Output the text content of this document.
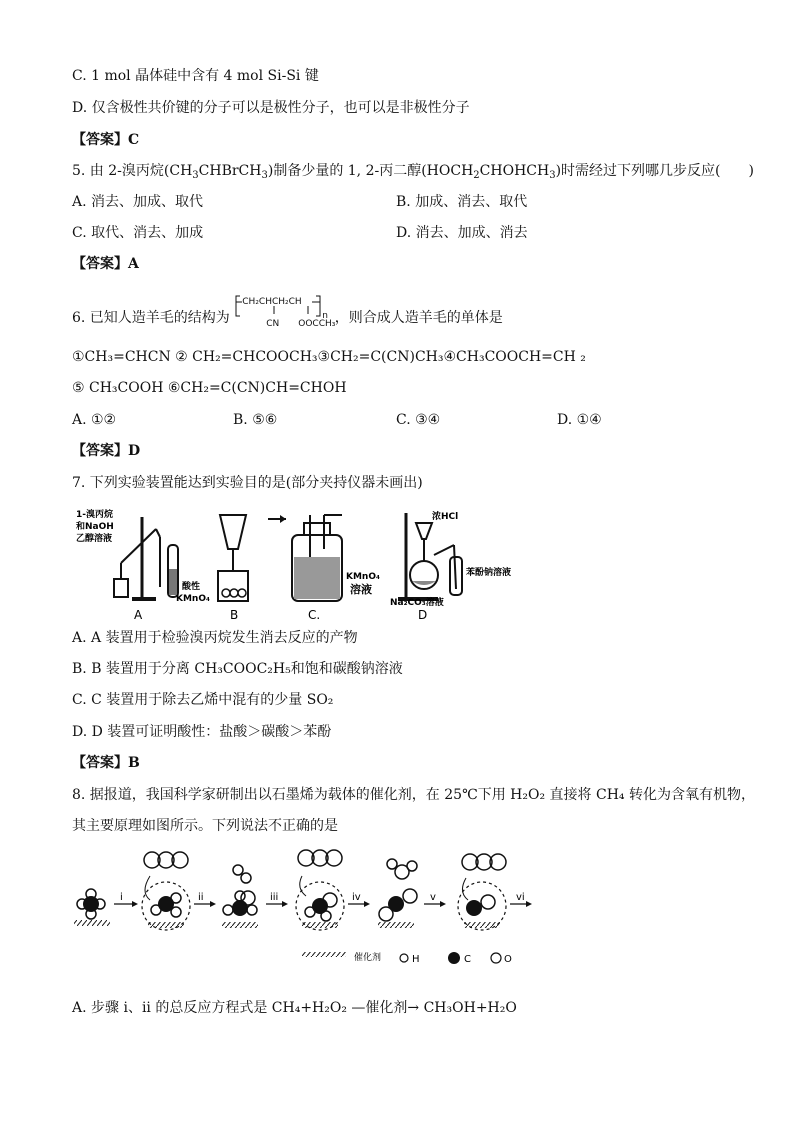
C. 1 mol 晶体硅中含有 4 mol Si-Si 键
D. 仅含极性共价键的分子可以是极性分子，也可以是非极性分子
【答案】C
5. 由 2-溴丙烷$(CH_3CHBrCH_3)$制备少量的 1, 2-丙二醇$(HOCH_2CHOHCH_3)$时需经过下列哪几步反应(　　)
A. 消去、加成、取代	B. 加成、消去、取代
C. 取代、消去、加成	D. 消去、加成、消去
【答案】A
6. 已知人造羊毛的结构为
CH₂CHCH₂CH
CN OOCCH₃
n ，则合成人造羊毛的单体是
①CH₃=CHCN ② CH₂=CHCOOCH₃③CH₂=C(CN)CH₃④CH₃COOCH=CH ₂
⑤ CH₃COOH ⑥CH₂=C(CN)CH=CHOH
A. ①②	B. ⑤⑥	C. ③④	D. ①④
【答案】D
7. 下列实验装置能达到实验目的是(部分夹持仪器未画出)
1-溴丙烷
和NaOH
乙醇溶液
酸性
KMnO₄
A	B
KMnO₄
溶液
C.
浓HCl
苯酚钠溶液
Na₂CO₃溶液
D
A. A 装置用于检验溴丙烷发生消去反应的产物
B. B 装置用于分离 CH₃COOC₂H₅和饱和碳酸钠溶液
C. C 装置用于除去乙烯中混有的少量 SO₂
D. D 装置可证明酸性：盐酸＞碳酸＞苯酚
【答案】B
8. 据报道，我国科学家研制出以石墨烯为载体的催化剂，在 25℃下用 H₂O₂ 直接将 CH₄ 转化为含氧有机物，
其主要原理如图所示。下列说法不正确的是
i	ii	iii	iv	v	vi
催化剂	H	C	O
A. 步骤 i、ii 的总反应方程式是 CH₄+H₂O₂ —催化剂→ CH₃OH+H₂O
